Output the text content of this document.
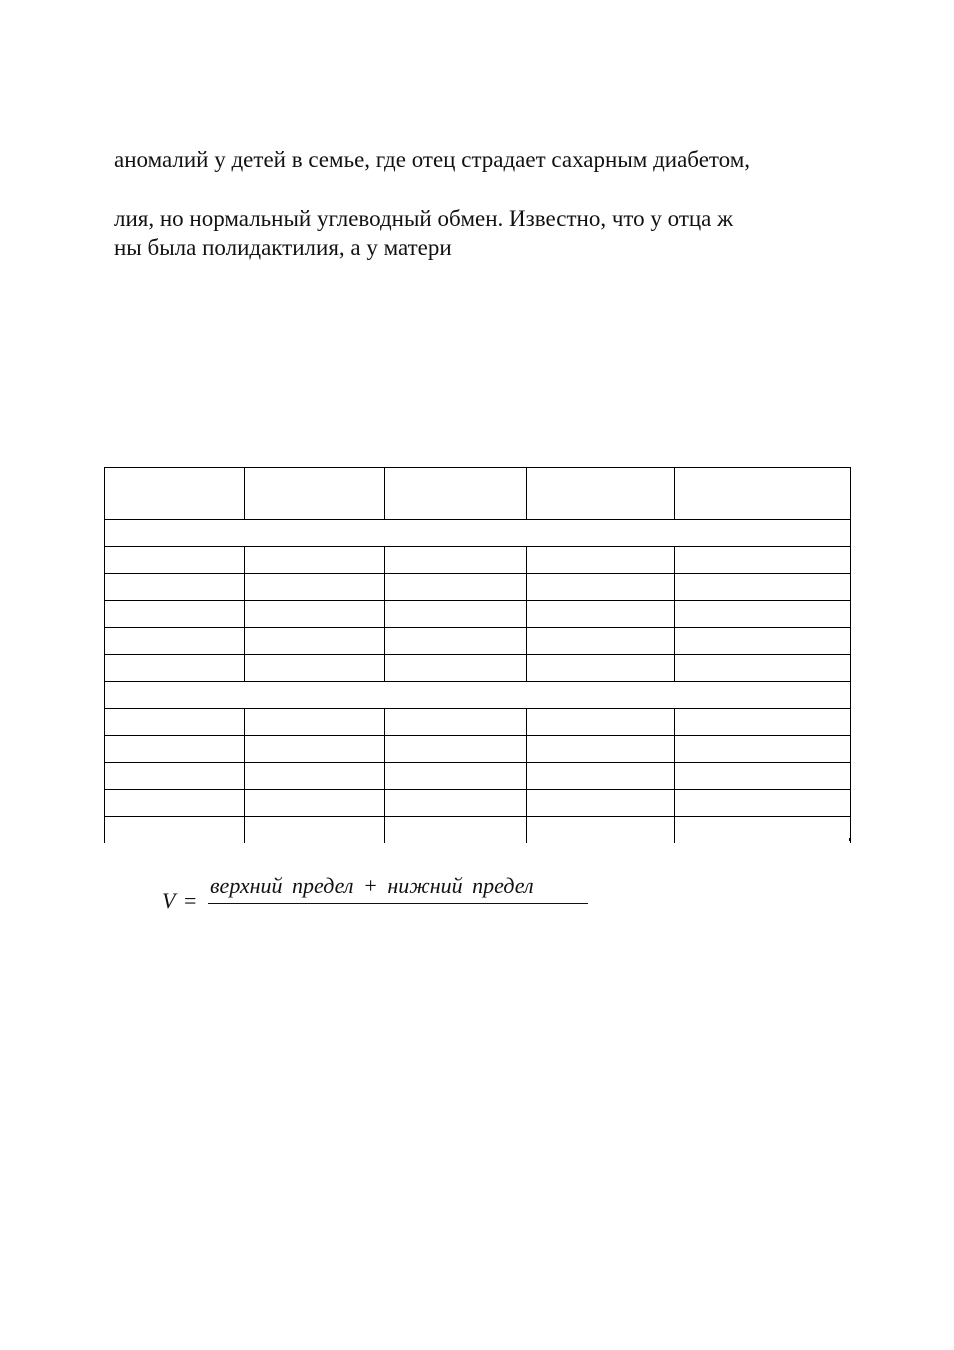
аномалий у детей в семье, где отец страдает сахарным диабетом,
лия, но нормальный углеводный обмен. Известно, что у отца ж
ны была полидактилия, а у матери

V =
верхний предел + нижний предел
